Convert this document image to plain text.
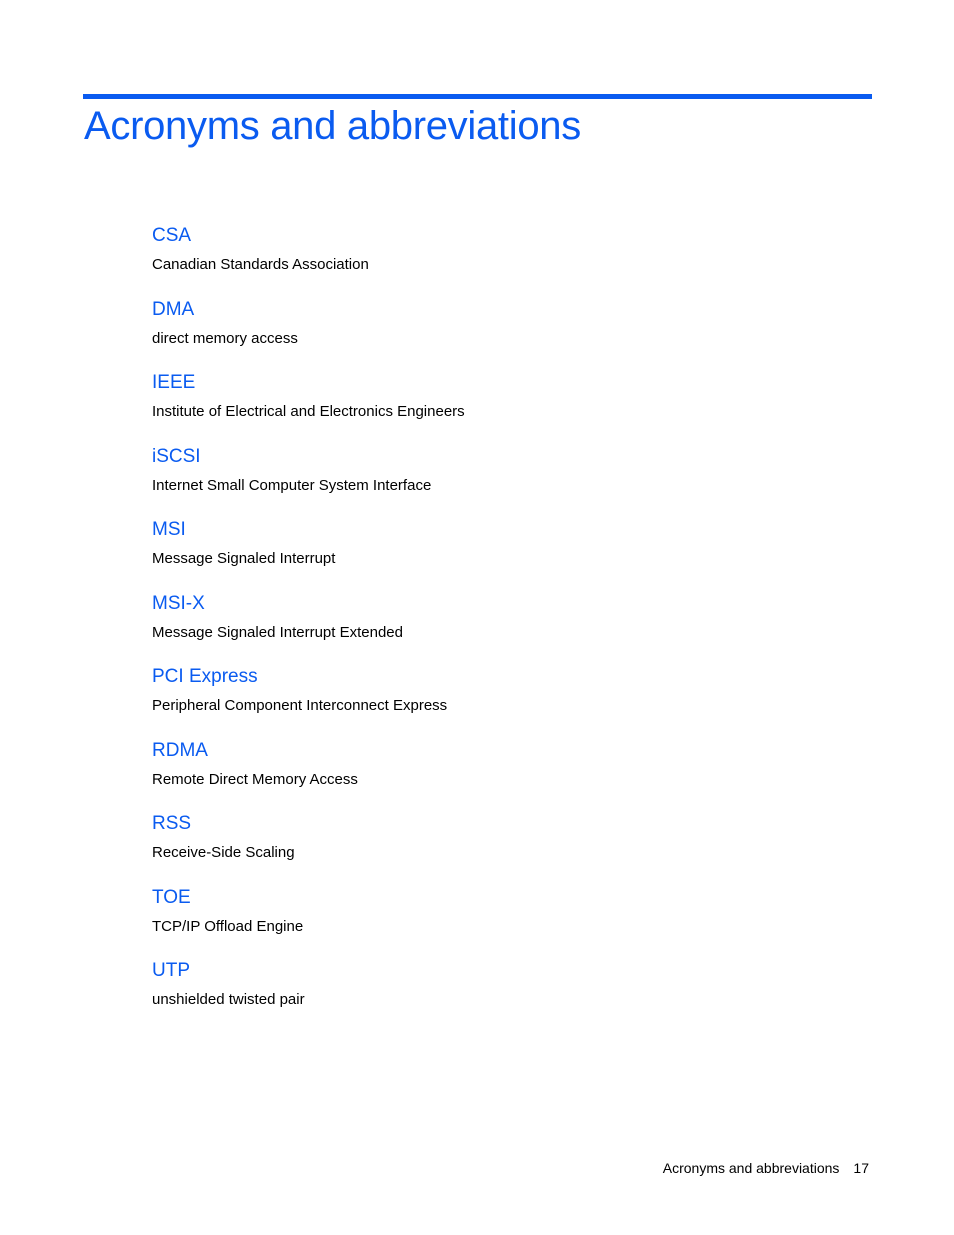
Acronyms and abbreviations
CSA
Canadian Standards Association
DMA
direct memory access
IEEE
Institute of Electrical and Electronics Engineers
iSCSI
Internet Small Computer System Interface
MSI
Message Signaled Interrupt
MSI-X
Message Signaled Interrupt Extended
PCI Express
Peripheral Component Interconnect Express
RDMA
Remote Direct Memory Access
RSS
Receive-Side Scaling
TOE
TCP/IP Offload Engine
UTP
unshielded twisted pair
Acronyms and abbreviations 17
